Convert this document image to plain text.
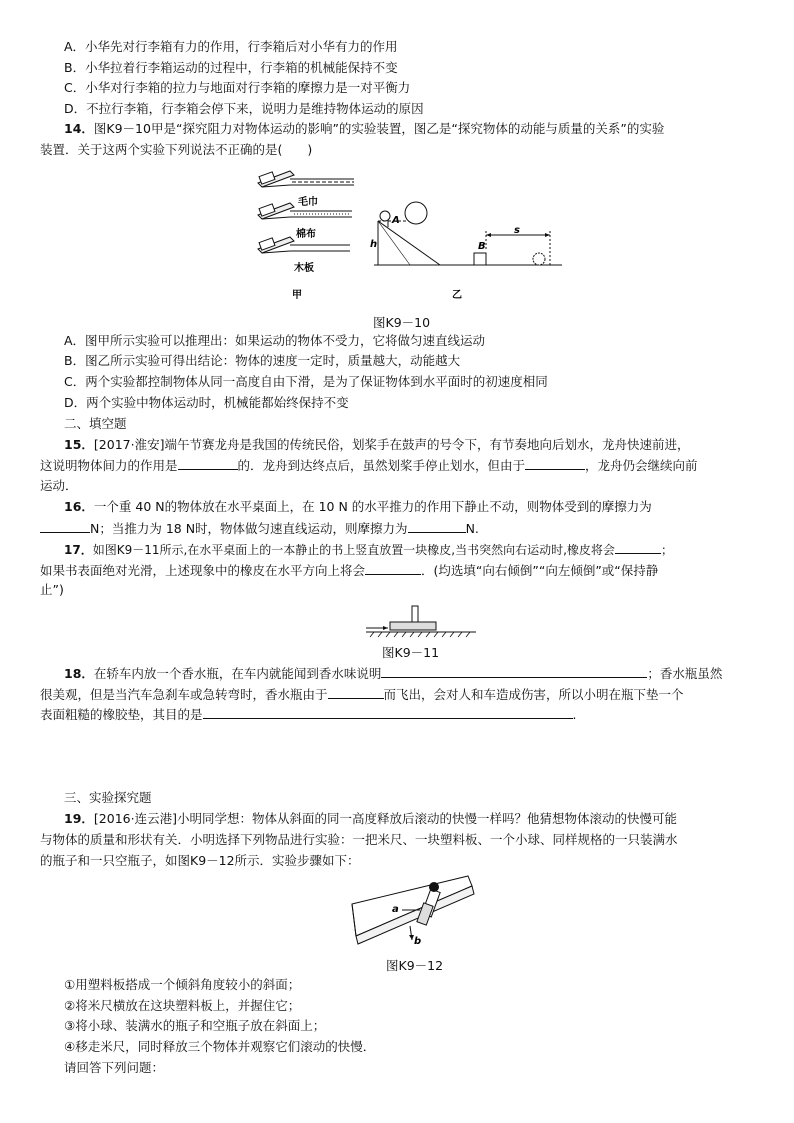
A．小华先对行李箱有力的作用，行李箱后对小华有力的作用
B．小华拉着行李箱运动的过程中，行李箱的机械能保持不变
C．小华对行李箱的拉力与地面对行李箱的摩擦力是一对平衡力
D．不拉行李箱，行李箱会停下来，说明力是维持物体运动的原因
14．图K9－10甲是“探究阻力对物体运动的影响”的实验装置，图乙是“探究物体的动能与质量的关系”的实验
装置．关于这两个实验下列说法不正确的是(　　)
毛巾
棉布
木板
甲
A
h	B
s
乙
图K9－10
A．图甲所示实验可以推理出：如果运动的物体不受力，它将做匀速直线运动
B．图乙所示实验可得出结论：物体的速度一定时，质量越大，动能越大
C．两个实验都控制物体从同一高度自由下滑，是为了保证物体到水平面时的初速度相同
D．两个实验中物体运动时，机械能都始终保持不变
二、填空题
15．[2017·淮安]端午节赛龙舟是我国的传统民俗，划桨手在鼓声的号令下，有节奏地向后划水，龙舟快速前进，
这说明物体间力的作用是	的．龙舟到达终点后，虽然划桨手停止划水，但由于	，龙舟仍会继续向前
运动．
16．一个重 40 N的物体放在水平桌面上，在 10 N 的水平推力的作用下静止不动，则物体受到的摩擦力为
N；当推力为 18 N时，物体做匀速直线运动，则摩擦力为	N.
17．如图K9－11所示,在水平桌面上的一本静止的书上竖直放置一块橡皮,当书突然向右运动时,橡皮将会	；
如果书表面绝对光滑，上述现象中的橡皮在水平方向上将会	．(均选填“向右倾倒”“向左倾倒”或“保持静
止”)
图K9－11
18．在轿车内放一个香水瓶，在车内就能闻到香水味说明	；香水瓶虽然
很美观，但是当汽车急刹车或急转弯时，香水瓶由于	而飞出，会对人和车造成伤害，所以小明在瓶下垫一个
表面粗糙的橡胶垫，其目的是	.
三、实验探究题
19．[2016·连云港]小明同学想：物体从斜面的同一高度释放后滚动的快慢一样吗？他猜想物体滚动的快慢可能
与物体的质量和形状有关．小明选择下列物品进行实验：一把米尺、一块塑料板、一个小球、同样规格的一只装满水
的瓶子和一只空瓶子，如图K9－12所示．实验步骤如下：
a
b
图K9－12
①用塑料板搭成一个倾斜角度较小的斜面；
②将米尺横放在这块塑料板上，并握住它；
③将小球、装满水的瓶子和空瓶子放在斜面上；
④移走米尺，同时释放三个物体并观察它们滚动的快慢．
请回答下列问题：
